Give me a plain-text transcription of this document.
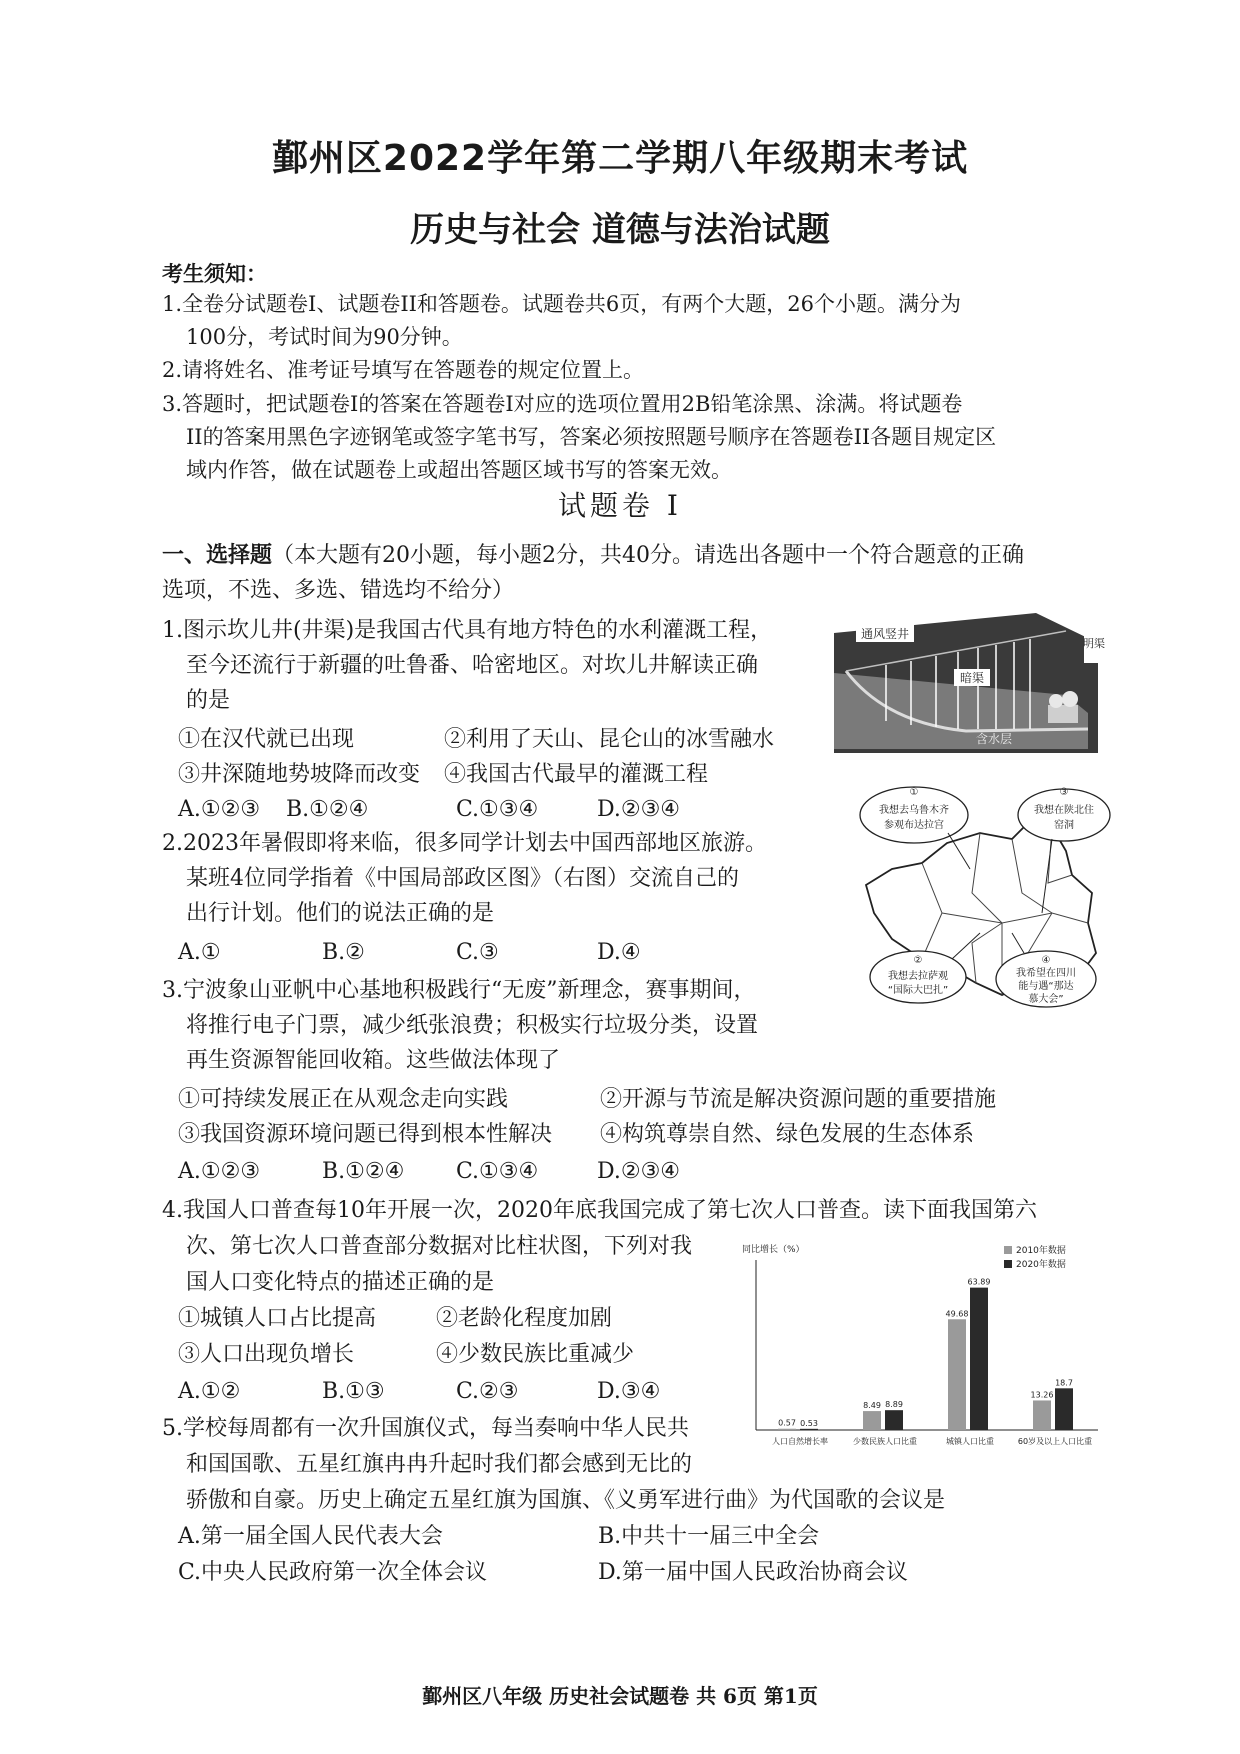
鄞州区2022学年第二学期八年级期末考试
历史与社会 道德与法治试题
考生须知：
1.全卷分试题卷I、试题卷II和答题卷。试题卷共6页，有两个大题，26个小题。满分为
100分，考试时间为90分钟。
2.请将姓名、准考证号填写在答题卷的规定位置上。
3.答题时，把试题卷I的答案在答题卷I对应的选项位置用2B铅笔涂黑、涂满。将试题卷
II的答案用黑色字迹钢笔或签字笔书写，答案必须按照题号顺序在答题卷II各题目规定区
域内作答，做在试题卷上或超出答题区域书写的答案无效。
试题卷 I
一、选择题（本大题有20小题，每小题2分，共40分。请选出各题中一个符合题意的正确
选项，不选、多选、错选均不给分）
1.图示坎儿井(井渠)是我国古代具有地方特色的水利灌溉工程，
至今还流行于新疆的吐鲁番、哈密地区。对坎儿井解读正确
的是
①在汉代就已出现	②利用了天山、昆仑山的冰雪融水
③井深随地势坡降而改变 ④我国古代最早的灌溉工程
A.①②③ B.①②④	C.①③④	D.②③④
通风竖井
暗渠
含水层
明渠
2.2023年暑假即将来临，很多同学计划去中国西部地区旅游。
某班4位同学指着《中国局部政区图》（右图）交流自己的
出行计划。他们的说法正确的是
A.①	B.②	C.③	D.④
①
我想去乌鲁木齐
参观布达拉宫
③
我想在陕北住
窑洞
②
我想去拉萨观
“国际大巴扎”
④
我希望在四川
能与遇“那达
慕大会”
3.宁波象山亚帆中心基地积极践行“无废”新理念，赛事期间，
将推行电子门票，减少纸张浪费；积极实行垃圾分类，设置
再生资源智能回收箱。这些做法体现了
①可持续发展正在从观念走向实践	②开源与节流是解决资源问题的重要措施
③我国资源环境问题已得到根本性解决 ④构筑尊崇自然、绿色发展的生态体系
A.①②③	B.①②④ C.①③④	D.②③④
4.我国人口普查每10年开展一次，2020年底我国完成了第七次人口普查。读下面我国第六
次、第七次人口普查部分数据对比柱状图，下列对我
国人口变化特点的描述正确的是
①城镇人口占比提高	②老龄化程度加剧
③人口出现负增长	④少数民族比重减少
A.①②	B.①③	C.②③	D.③④
同比增长（%）	2010年数据
2020年数据
0.57 0.53
人口自然增长率
8.49 8.89
少数民族人口比重
49.68
63.89
城镇人口比重
13.26
18.7
60岁及以上人口比重
5.学校每周都有一次升国旗仪式，每当奏响中华人民共
和国国歌、五星红旗冉冉升起时我们都会感到无比的
骄傲和自豪。历史上确定五星红旗为国旗、《义勇军进行曲》为代国歌的会议是
A.第一届全国人民代表大会	B.中共十一届三中全会
C.中央人民政府第一次全体会议	D.第一届中国人民政治协商会议
鄞州区八年级 历史社会试题卷 共 6页 第1页
